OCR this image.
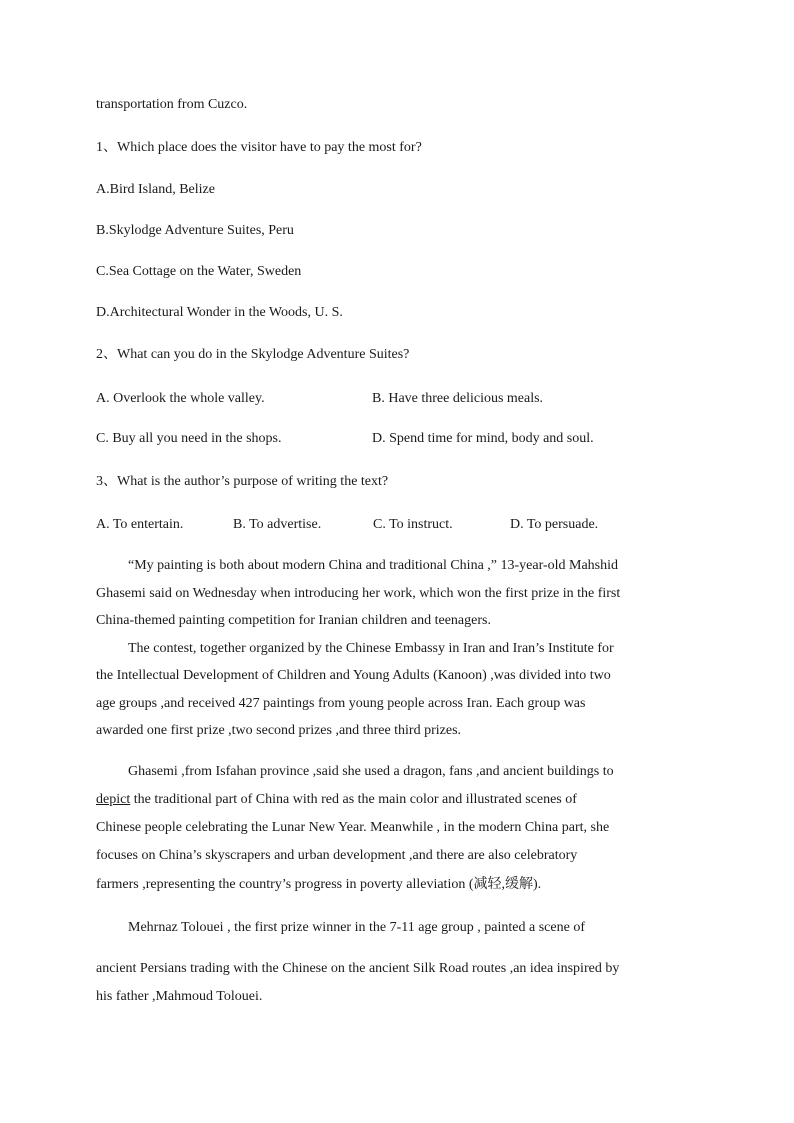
transportation from Cuzco.
1、Which place does the visitor have to pay the most for?
A.Bird Island, Belize
B.Skylodge Adventure Suites, Peru
C.Sea Cottage on the Water, Sweden
D.Architectural Wonder in the Woods, U. S.
2、What can you do in the Skylodge Adventure Suites?
A. Overlook the whole valley.	B. Have three delicious meals.
C. Buy all you need in the shops.	D. Spend time for mind, body and soul.
3、What is the author’s purpose of writing the text?
A. To entertain.	B. To advertise.	C. To instruct.	D. To persuade.
“My painting is both about modern China and traditional China ,” 13-year-old Mahshid
Ghasemi said on Wednesday when introducing her work, which won the first prize in the first
China-themed painting competition for Iranian children and teenagers.
The contest, together organized by the Chinese Embassy in Iran and Iran’s Institute for
the Intellectual Development of Children and Young Adults (Kanoon) ,was divided into two
age groups ,and received 427 paintings from young people across Iran. Each group was
awarded one first prize ,two second prizes ,and three third prizes.
Ghasemi ,from Isfahan province ,said she used a dragon, fans ,and ancient buildings to
depict the traditional part of China with red as the main color and illustrated scenes of
Chinese people celebrating the Lunar New Year. Meanwhile , in the modern China part, she
focuses on China’s skyscrapers and urban development ,and there are also celebratory
farmers ,representing the country’s progress in poverty alleviation (减轻,缓解).
Mehrnaz Tolouei , the first prize winner in the 7-11 age group , painted a scene of
ancient Persians trading with the Chinese on the ancient Silk Road routes ,an idea inspired by
his father ,Mahmoud Tolouei.
